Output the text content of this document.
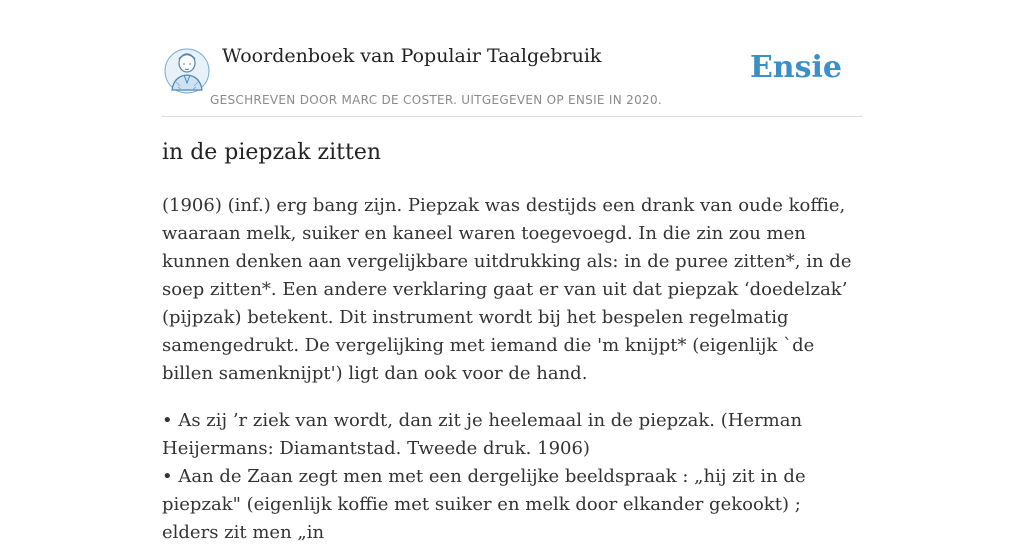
Woordenboek van Populair Taalgebruik
GESCHREVEN DOOR MARC DE COSTER. UITGEGEVEN OP ENSIE IN 2020.
Ensie
in de piepzak zitten

(1906) (inf.) erg bang zijn. Piepzak was destijds een drank van oude koffie, waaraan melk, suiker en kaneel waren toegevoegd. In die zin zou men kunnen denken aan vergelijkbare uitdrukking als: in de puree zitten*, in de soep zitten*. Een andere verklaring gaat er van uit dat piepzak ‘doedelzak’ (pijpzak) betekent. Dit instrument wordt bij het bespelen regelmatig samengedrukt. De vergelijking met iemand die 'm knijpt* (eigenlijk `de billen samenknijpt') ligt dan ook voor de hand.

• As zij ’r ziek van wordt, dan zit je heelemaal in de piepzak. (Herman Heijermans: Diamantstad. Tweede druk. 1906)
• Aan de Zaan zegt men met een dergelijke beeldspraak : „hij zit in de piepzak" (eigenlijk koffie met suiker en melk door elkander gekookt) ; elders zit men „in
